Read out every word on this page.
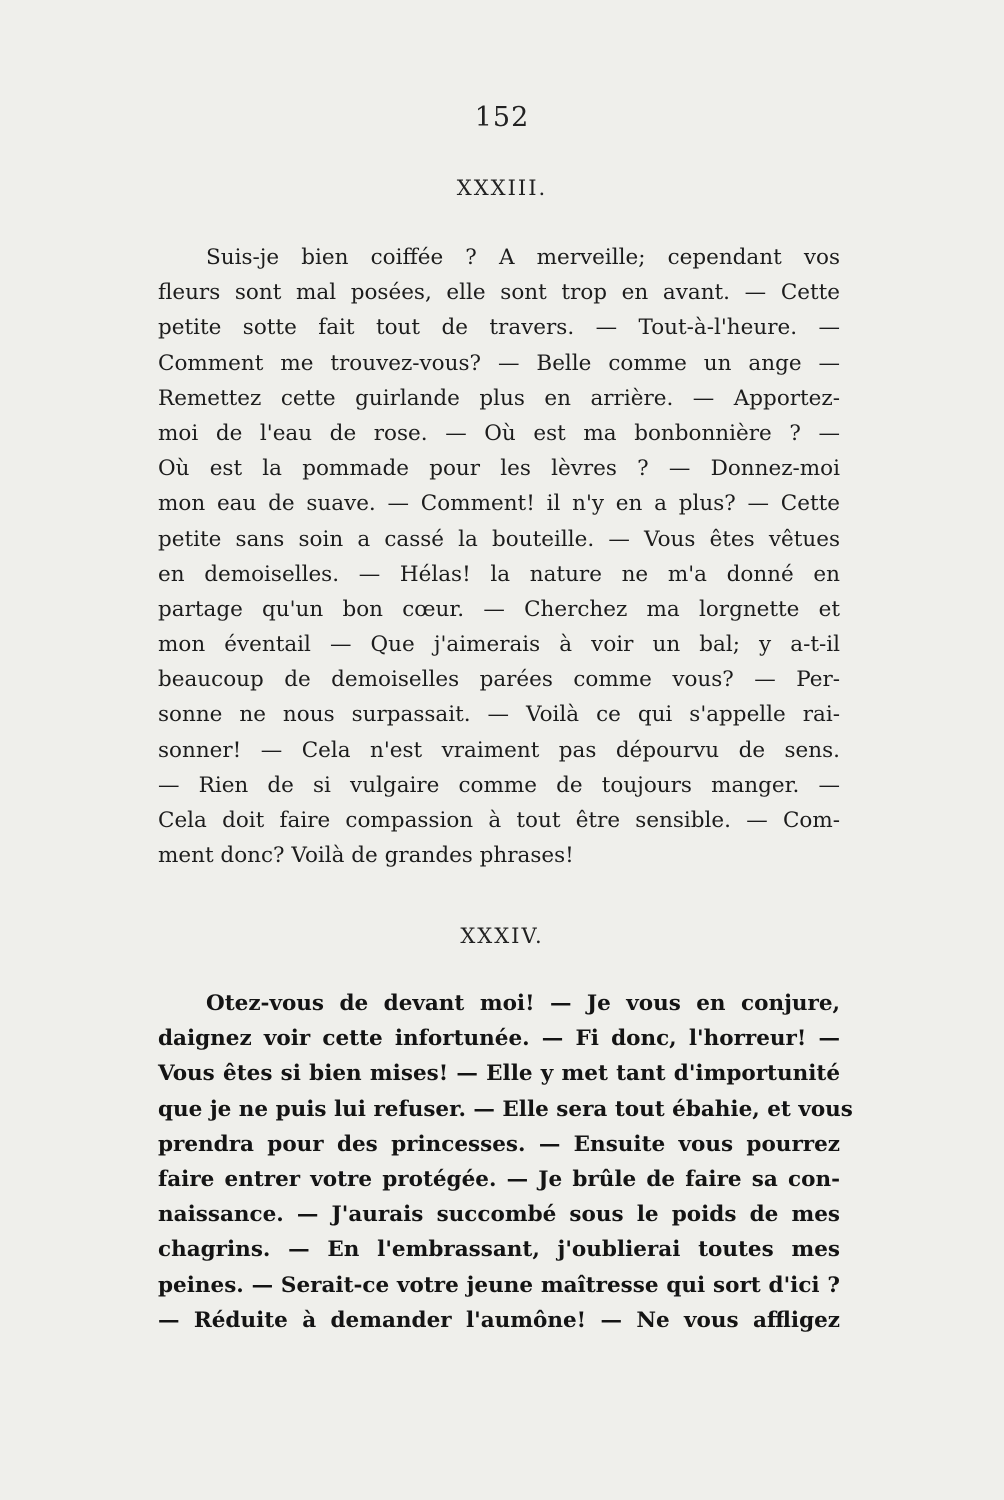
152
XXXIII.
Suis-je bien coiffée ? A merveille; cependant vos
fleurs sont mal posées, elle sont trop en avant. — Cette
petite sotte fait tout de travers. — Tout-à-l'heure. —
Comment me trouvez-vous? — Belle comme un ange —
Remettez cette guirlande plus en arrière. — Apportez-
moi de l'eau de rose. — Où est ma bonbonnière ? —
Où est la pommade pour les lèvres ? — Donnez-moi
mon eau de suave. — Comment! il n'y en a plus? — Cette
petite sans soin a cassé la bouteille. — Vous êtes vêtues
en demoiselles. — Hélas! la nature ne m'a donné en
partage qu'un bon cœur. — Cherchez ma lorgnette et
mon éventail — Que j'aimerais à voir un bal; y a-t-il
beaucoup de demoiselles parées comme vous? — Per-
sonne ne nous surpassait. — Voilà ce qui s'appelle rai-
sonner! — Cela n'est vraiment pas dépourvu de sens.
— Rien de si vulgaire comme de toujours manger. —
Cela doit faire compassion à tout être sensible. — Com-
ment donc? Voilà de grandes phrases!
XXXIV.
Otez-vous de devant moi! — Je vous en conjure,
daignez voir cette infortunée. — Fi donc, l'horreur! —
Vous êtes si bien mises! — Elle y met tant d'importunité
que je ne puis lui refuser. — Elle sera tout ébahie, et vous
prendra pour des princesses. — Ensuite vous pourrez
faire entrer votre protégée. — Je brûle de faire sa con-
naissance. — J'aurais succombé sous le poids de mes
chagrins. — En l'embrassant, j'oublierai toutes mes
peines. — Serait-ce votre jeune maîtresse qui sort d'ici ?
— Réduite à demander l'aumône! — Ne vous affligez
